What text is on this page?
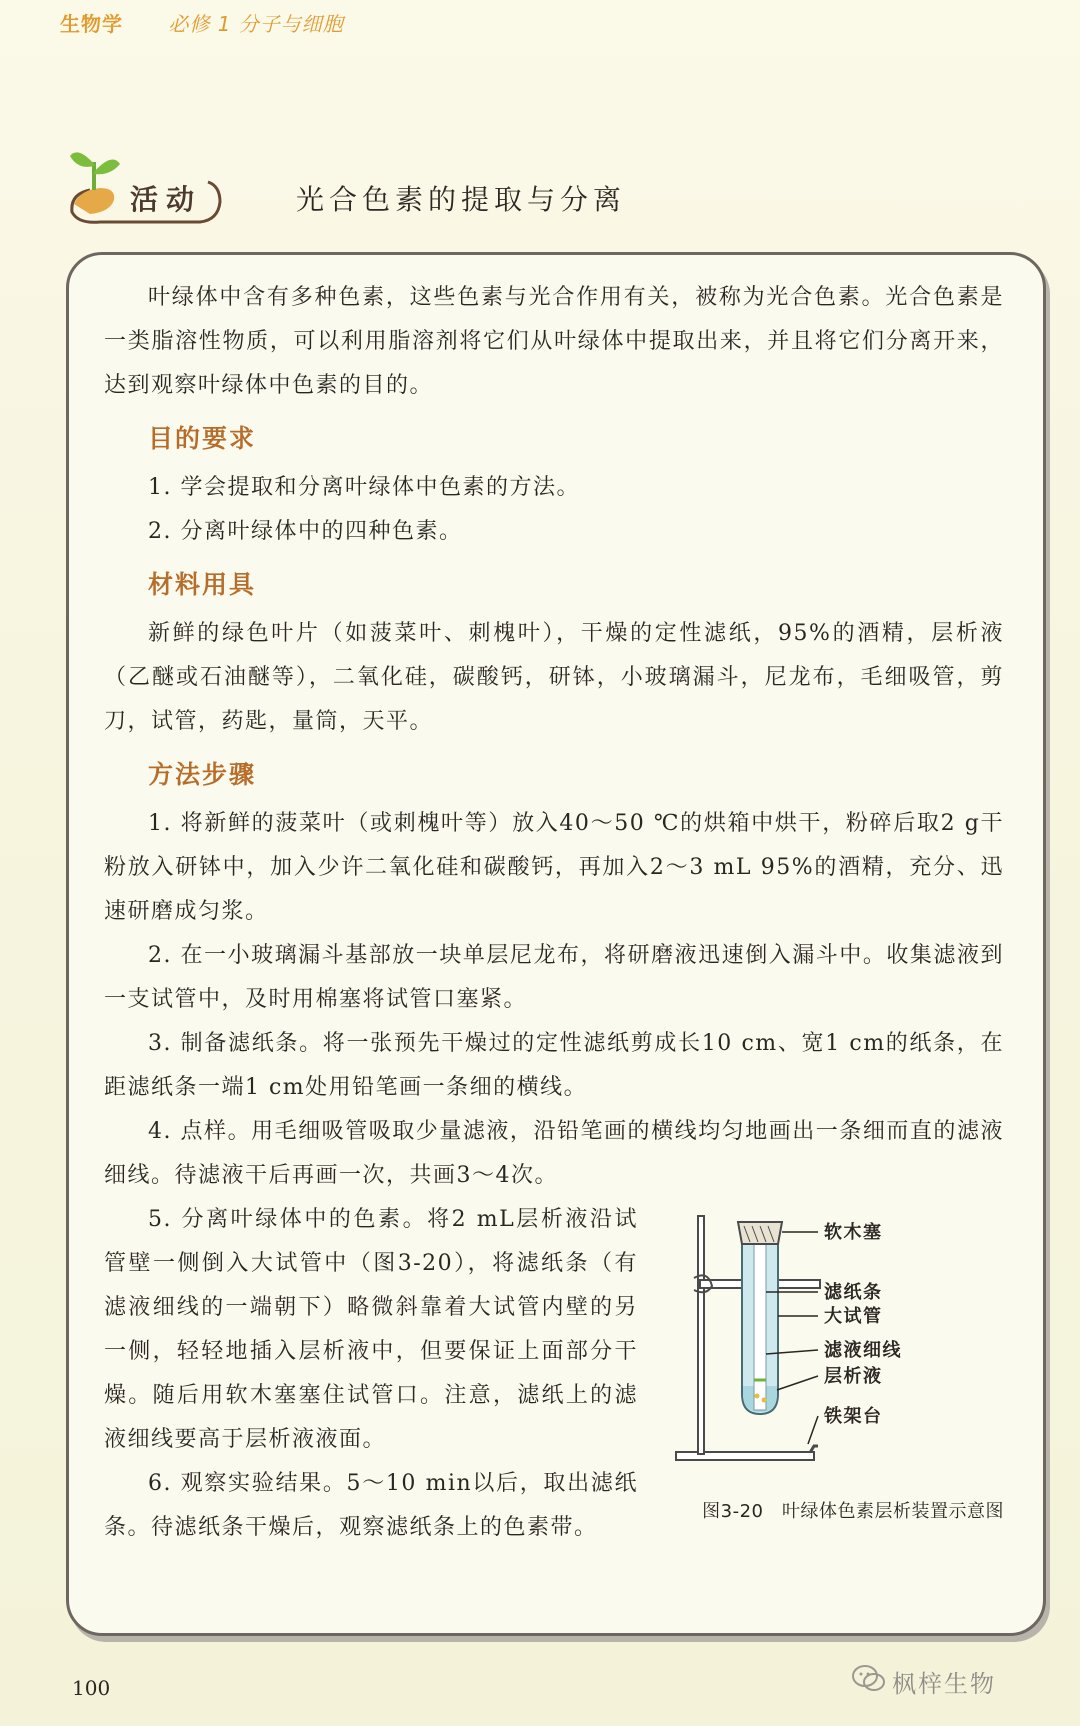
生物学 必修 1 分子与细胞
活动	光合色素的提取与分离

叶绿体中含有多种色素，这些色素与光合作用有关，被称为光合色素。光合色素是一类脂溶性物质，可以利用脂溶剂将它们从叶绿体中提取出来，并且将它们分离开来，达到观察叶绿体中色素的目的。

目的要求

1. 学会提取和分离叶绿体中色素的方法。

2. 分离叶绿体中的四种色素。

材料用具

新鲜的绿色叶片（如菠菜叶、刺槐叶），干燥的定性滤纸，95%的酒精，层析液（乙醚或石油醚等），二氧化硅，碳酸钙，研钵，小玻璃漏斗，尼龙布，毛细吸管，剪刀，试管，药匙，量筒，天平。

方法步骤

1. 将新鲜的菠菜叶（或刺槐叶等）放入40～50 ℃的烘箱中烘干，粉碎后取2 g干粉放入研钵中，加入少许二氧化硅和碳酸钙，再加入2～3 mL 95%的酒精，充分、迅速研磨成匀浆。

2. 在一小玻璃漏斗基部放一块单层尼龙布，将研磨液迅速倒入漏斗中。收集滤液到一支试管中，及时用棉塞将试管口塞紧。

3. 制备滤纸条。将一张预先干燥过的定性滤纸剪成长10 cm、宽1 cm的纸条，在距滤纸条一端1 cm处用铅笔画一条细的横线。

4. 点样。用毛细吸管吸取少量滤液，沿铅笔画的横线均匀地画出一条细而直的滤液细线。待滤液干后再画一次，共画3～4次。

软木塞
滤纸条
大试管
滤液细线
层析液
铁架台
图3-20　叶绿体色素层析装置示意图

5. 分离叶绿体中的色素。将2 mL层析液沿试管壁一侧倒入大试管中（图3-20），将滤纸条（有滤液细线的一端朝下）略微斜靠着大试管内壁的另一侧，轻轻地插入层析液中，但要保证上面部分干燥。随后用软木塞塞住试管口。注意，滤纸上的滤液细线要高于层析液液面。

6. 观察实验结果。5～10 min以后，取出滤纸条。待滤纸条干燥后，观察滤纸条上的色素带。

100	枫梓生物
